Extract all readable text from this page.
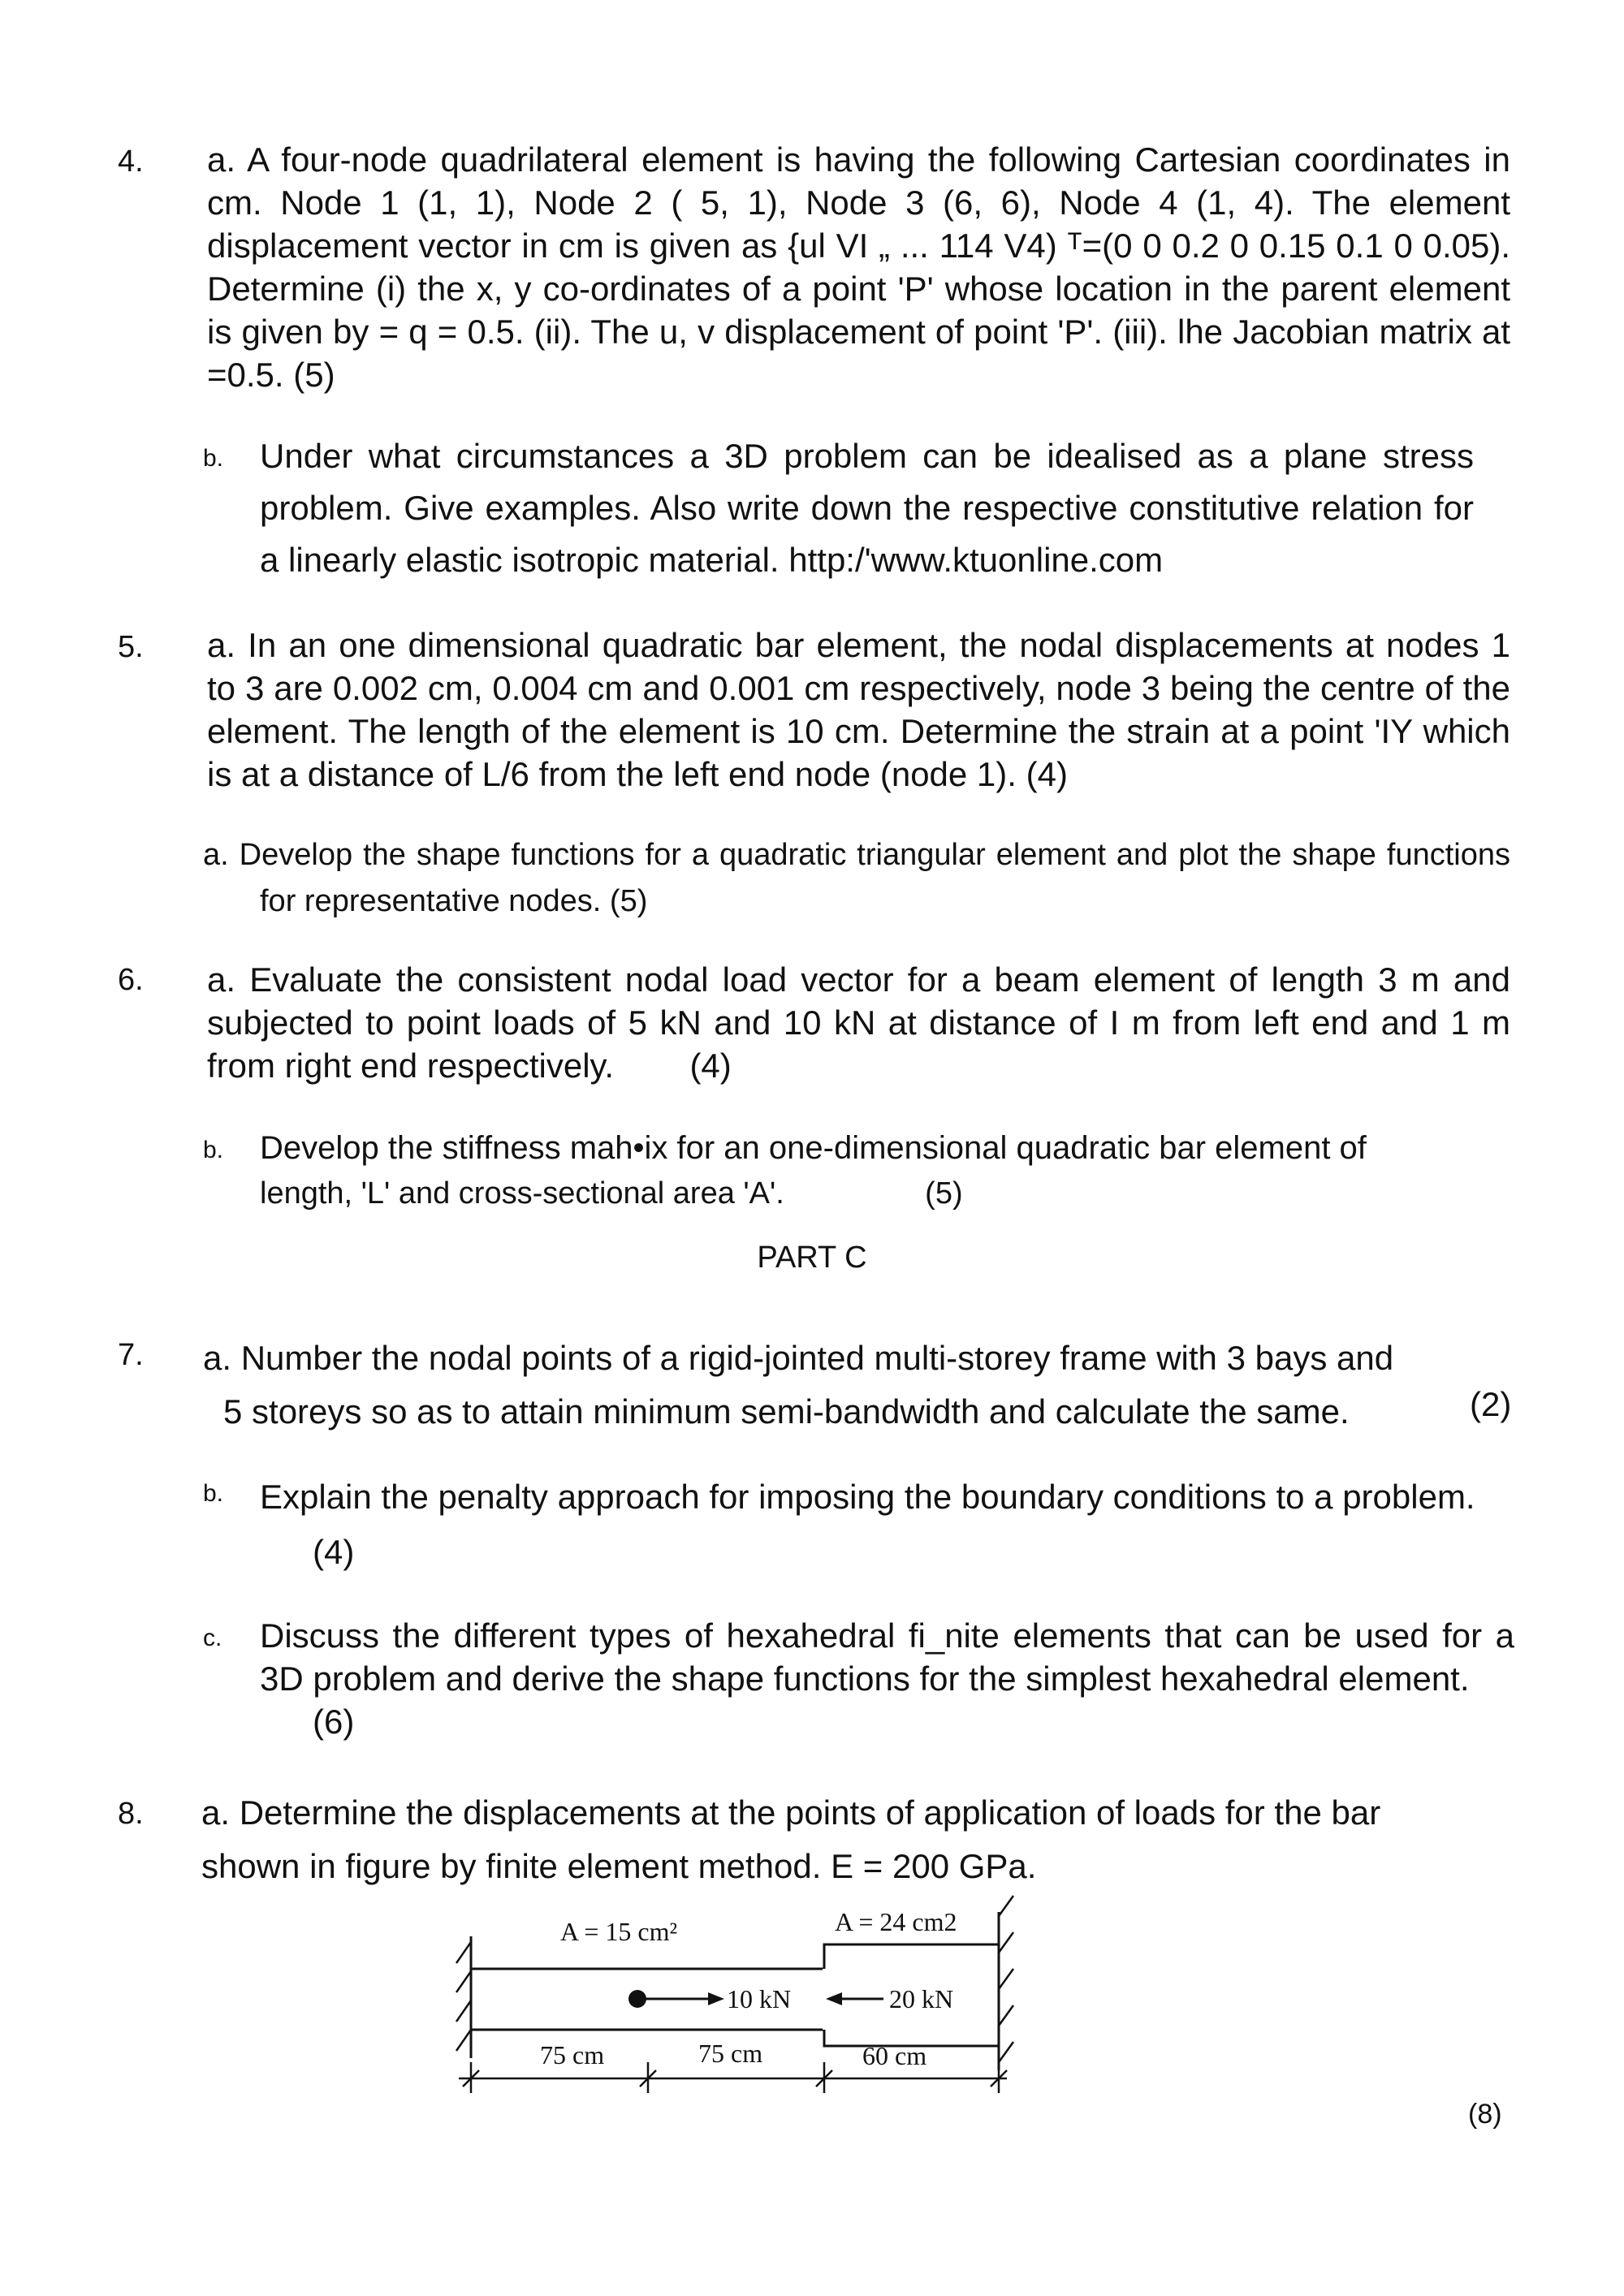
4. a. A four-node quadrilateral element is having the following Cartesian coordinates in cm. Node 1 (1, 1), Node 2 ( 5, 1), Node 3 (6, 6), Node 4 (1, 4). The element displacement vector in cm is given as {ul VI „ ... 114 V4) ᵀ=(0 0 0.2 0 0.15 0.1 0 0.05). Determine (i) the x, y co-ordinates of a point 'P' whose location in the parent element is given by = q = 0.5. (ii). The u, v displacement of point 'P'. (iii). lhe Jacobian matrix at =0.5. (5)
b. Under what circumstances a 3D problem can be idealised as a plane stress problem. Give examples. Also write down the respective constitutive relation for a linearly elastic isotropic material. http:/'www.ktuonline.com
5. a. In an one dimensional quadratic bar element, the nodal displacements at nodes 1 to 3 are 0.002 cm, 0.004 cm and 0.001 cm respectively, node 3 being the centre of the element. The length of the element is 10 cm. Determine the strain at a point 'IY which is at a distance of L/6 from the left end node (node 1). (4)
a. Develop the shape functions for a quadratic triangular element and plot the shape functions for representative nodes. (5)
6. a. Evaluate the consistent nodal load vector for a beam element of length 3 m and subjected to point loads of 5 kN and 10 kN at distance of I m from left end and 1 m from right end respectively. (4)
b. Develop the stiffness mah•ix for an one-dimensional quadratic bar element of
length, 'L' and cross-sectional area 'A'.	(5)
PART C
7. a. Number the nodal points of a rigid-jointed multi-storey frame with 3 bays and
5 storeys so as to attain minimum semi-bandwidth and calculate the same.	(2)
b. Explain the penalty approach for imposing the boundary conditions to a problem.
(4)
c. Discuss the different types of hexahedral fi_nite elements that can be used for a 3D problem and derive the shape functions for the simplest hexahedral element.
(6)
8. a. Determine the displacements at the points of application of loads for the bar
shown in figure by finite element method. E = 200 GPa.
A = 15 cm²	A = 24 cm2
10 kN	20 kN
75 cm	75 cm	60 cm
(8)
